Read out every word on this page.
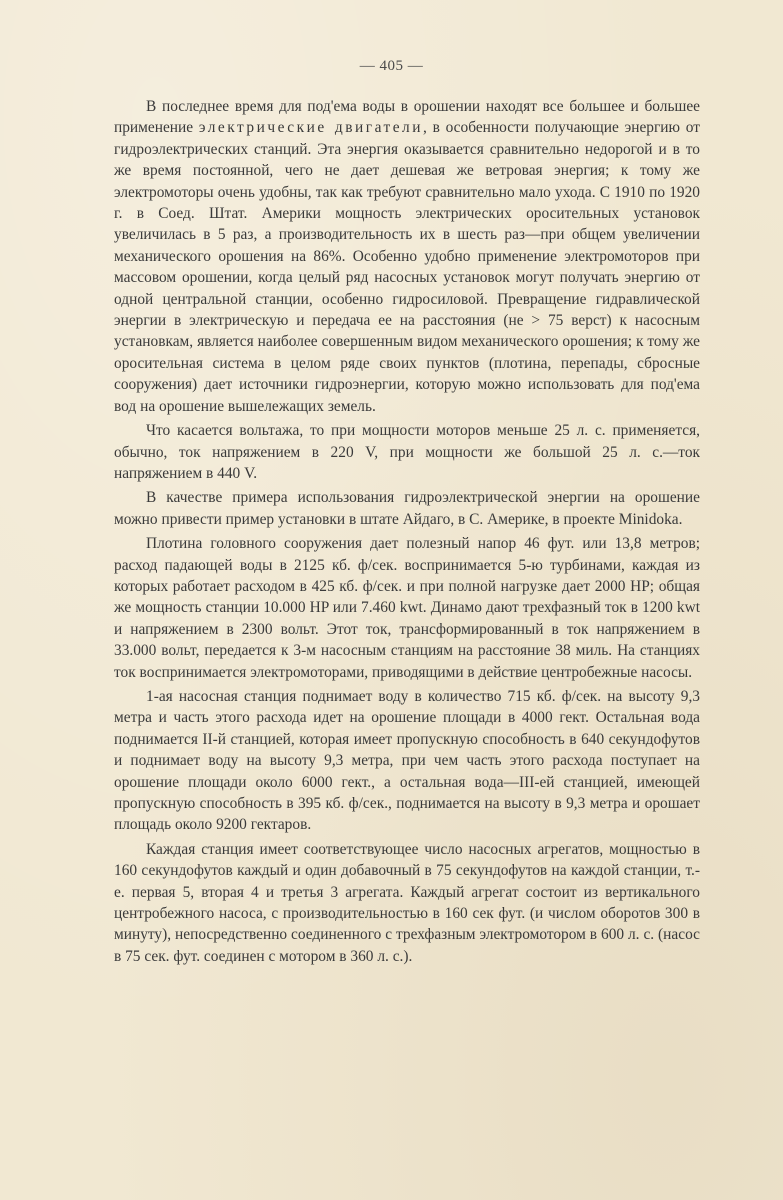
— 405 —

В последнее время для под'ема воды в орошении находят все большее и большее применение электрические двигатели, в особенности получающие энергию от гидроэлектрических станций. Эта энергия оказывается сравнительно недорогой и в то же время постоянной, чего не дает дешевая же ветровая энергия; к тому же электромоторы очень удобны, так как требуют сравнительно мало ухода. С 1910 по 1920 г. в Соед. Штат. Америки мощность электрических оросительных установок увеличилась в 5 раз, а производительность их в шесть раз—при общем увеличении механического орошения на 86%. Особенно удобно применение электромоторов при массовом орошении, когда целый ряд насосных установок могут получать энергию от одной центральной станции, особенно гидросиловой. Превращение гидравлической энергии в электрическую и передача ее на расстояния (не > 75 верст) к насосным установкам, является наиболее совершенным видом механического орошения; к тому же оросительная система в целом ряде своих пунктов (плотина, перепады, сбросные сооружения) дает источники гидроэнергии, которую можно использовать для под'ема вод на орошение вышележащих земель.

Что касается вольтажа, то при мощности моторов меньше 25 л. с. применяется, обычно, ток напряжением в 220 V, при мощности же большой 25 л. с.—ток напряжением в 440 V.

В качестве примера использования гидроэлектрической энергии на орошение можно привести пример установки в штате Айдаго, в С. Америке, в проекте Minidoka.

Плотина головного сооружения дает полезный напор 46 фут. или 13,8 метров; расход падающей воды в 2125 кб. ф/сек. воспринимается 5-ю турбинами, каждая из которых работает расходом в 425 кб. ф/сек. и при полной нагрузке дает 2000 HP; общая же мощность станции 10.000 HP или 7.460 kwt. Динамо дают трехфазный ток в 1200 kwt и напряжением в 2300 вольт. Этот ток, трансформированный в ток напряжением в 33.000 вольт, передается к 3-м насосным станциям на расстояние 38 миль. На станциях ток воспринимается электромоторами, приводящими в действие центробежные насосы.

1-ая насосная станция поднимает воду в количество 715 кб. ф/сек. на высоту 9,3 метра и часть этого расхода идет на орошение площади в 4000 гект. Остальная вода поднимается II-й станцией, которая имеет пропускную способность в 640 секундофутов и поднимает воду на высоту 9,3 метра, при чем часть этого расхода поступает на орошение площади около 6000 гект., а остальная вода—III-ей станцией, имеющей пропускную способность в 395 кб. ф/сек., поднимается на высоту в 9,3 метра и орошает площадь около 9200 гектаров.

Каждая станция имеет соответствующее число насосных агрегатов, мощностью в 160 секундофутов каждый и один добавочный в 75 секундофутов на каждой станции, т.-е. первая 5, вторая 4 и третья 3 агрегата. Каждый агрегат состоит из вертикального центробежного насоса, с производительностью в 160 сек фут. (и числом оборотов 300 в минуту), непосредственно соединенного с трехфазным электромотором в 600 л. с. (насос в 75 сек. фут. соединен с мотором в 360 л. с.).
